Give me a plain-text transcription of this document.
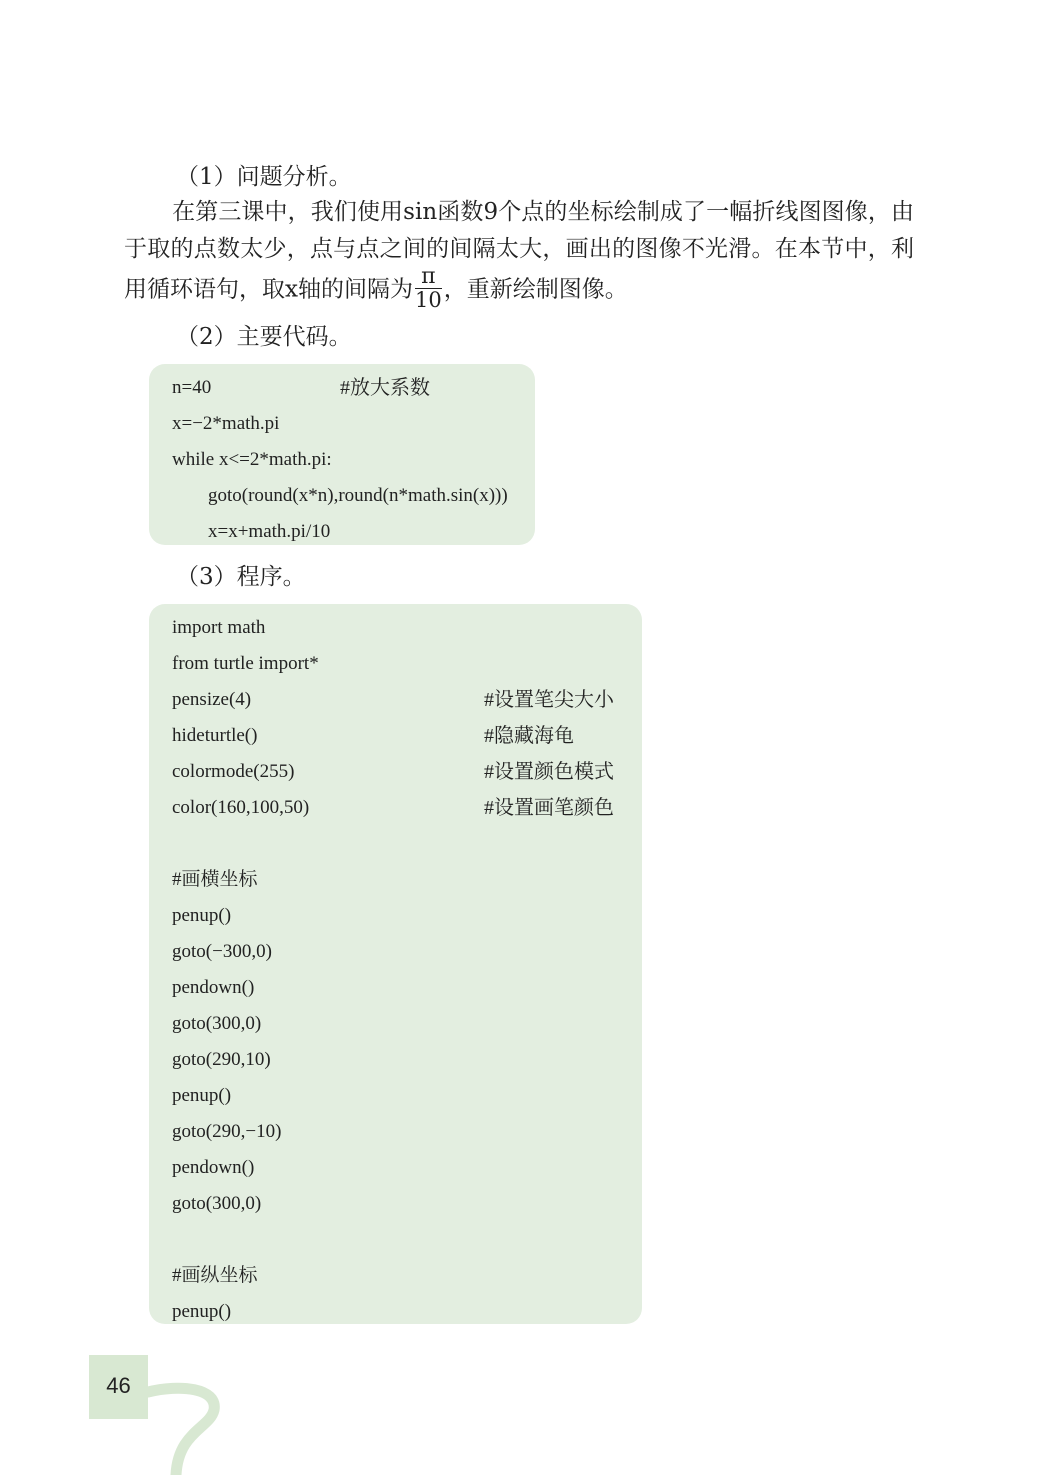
（1）问题分析。
在第三课中，我们使用sin函数9个点的坐标绘制成了一幅折线图图像，由于取的点数太少，点与点之间的间隔太大，画出的图像不光滑。在本节中，利用循环语句，取x轴的间隔为 $\frac{\pi}{10}$ ，重新绘制图像。
（2）主要代码。
n=40	#放大系数
x=−2*math.pi
while x<=2*math.pi:
goto(round(x*n),round(n*math.sin(x)))
x=x+math.pi/10
（3）程序。
import math
from turtle import*
pensize(4)	#设置笔尖大小
hideturtle()	#隐藏海龟
colormode(255)	#设置颜色模式
color(160,100,50)	#设置画笔颜色
#画横坐标
penup()
goto(−300,0)
pendown()
goto(300,0)
goto(290,10)
penup()
goto(290,−10)
pendown()
goto(300,0)
#画纵坐标
penup()
46
